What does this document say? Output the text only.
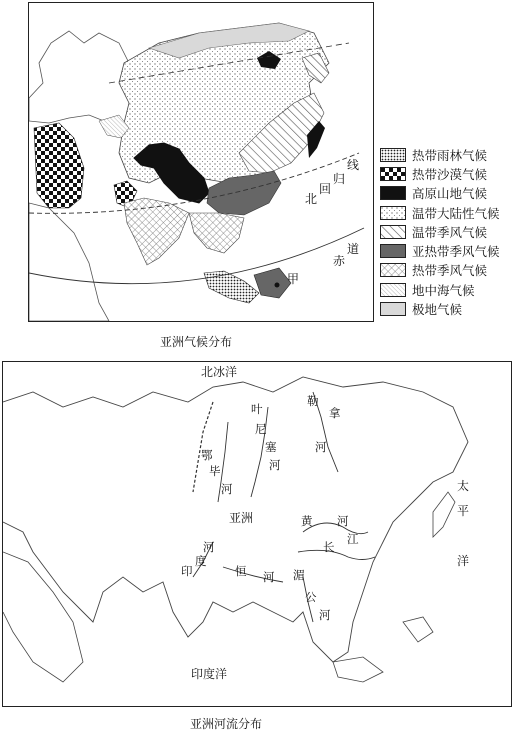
线
归
回
北
道
赤
甲
亚洲气候分布
热带雨林气候
热带沙漠气候
高原山地气候
温带大陆性气候
温带季风气候
亚热带季风气候
热带季风气候
地中海气候
极地气候
北冰洋
太
平
洋
印度洋
亚洲
叶
尼
塞
河
勒
拿
河
鄂
毕
河
黄 河
长
江
印
度
河
恒 河 湄
公
河
亚洲河流分布
